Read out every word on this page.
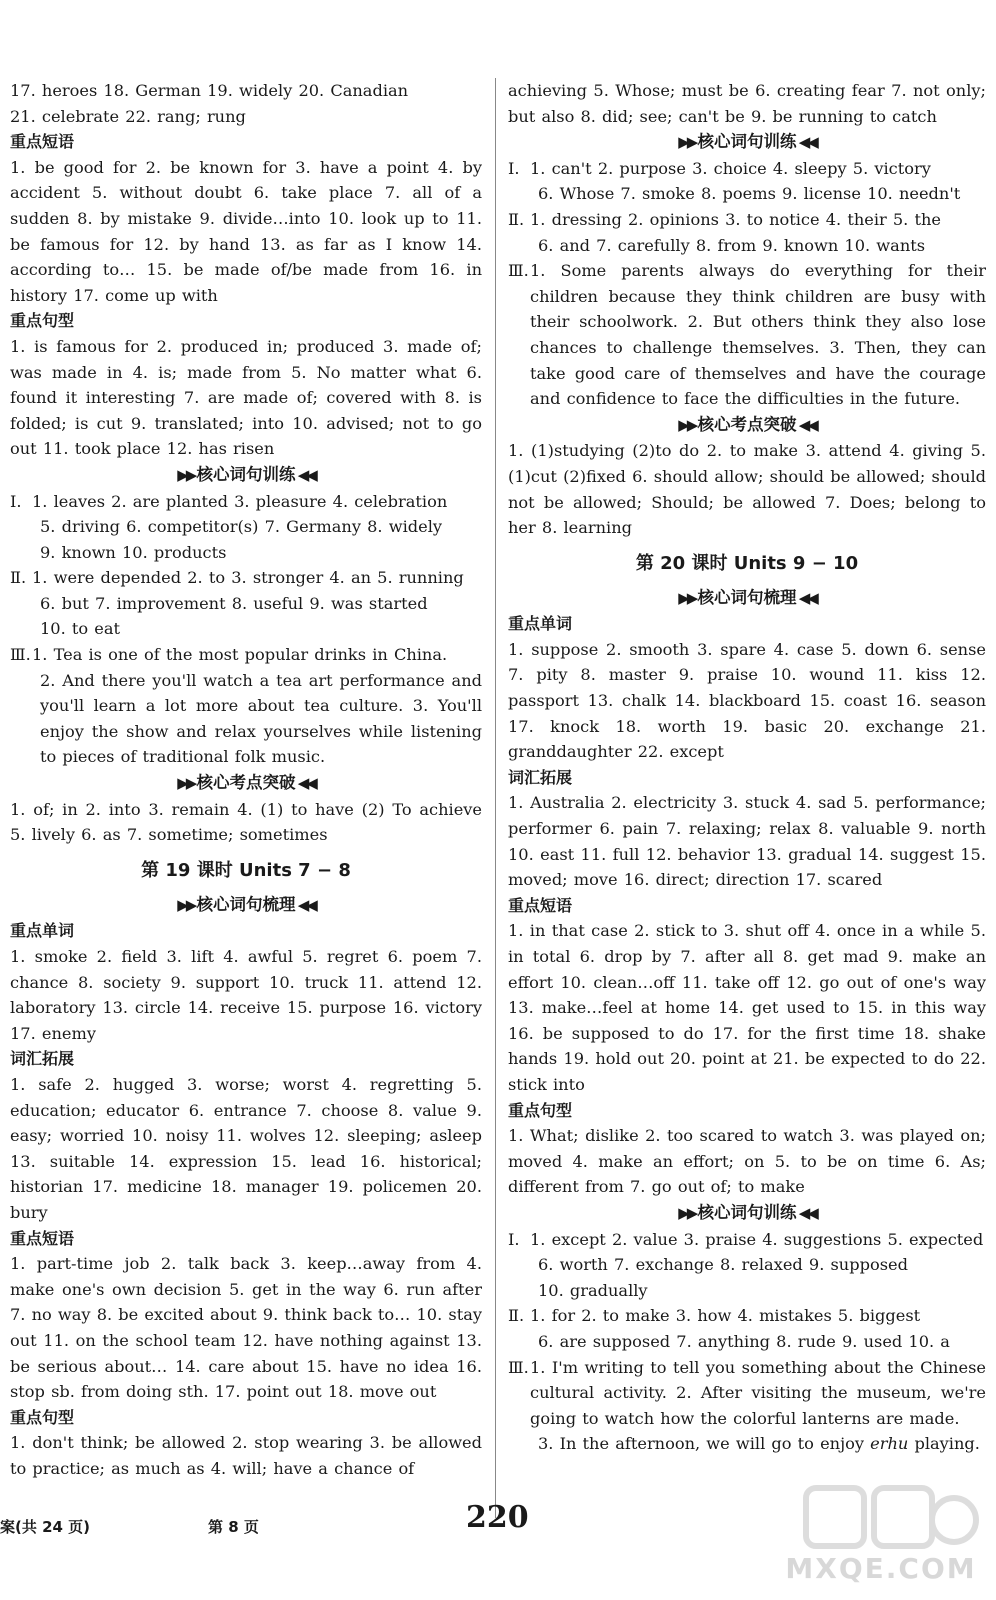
17. heroes 18. German 19. widely 20. Canadian
21. celebrate 22. rang; rung
重点短语
1. be good for 2. be known for 3. have a point 4. by accident 5. without doubt 6. take place 7. all of a sudden 8. by mistake 9. divide…into 10. look up to 11. be famous for 12. by hand 13. as far as I know 14. according to… 15. be made of/be made from 16. in history 17. come up with
重点句型
1. is famous for 2. produced in; produced 3. made of; was made in 4. is; made from 5. No matter what 6. found it interesting 7. are made of; covered with 8. is folded; is cut 9. translated; into 10. advised; not to go out 11. took place 12. has risen
▶▶ 核心词句训练 ◀◀
Ⅰ. 1. leaves 2. are planted 3. pleasure 4. celebration
5. driving 6. competitor(s) 7. Germany 8. widely
9. known 10. products
Ⅱ. 1. were depended 2. to 3. stronger 4. an 5. running
6. but 7. improvement 8. useful 9. was started
10. to eat
Ⅲ. 1. Tea is one of the most popular drinks in China.
2. And there you'll watch a tea art performance and you'll learn a lot more about tea culture. 3. You'll enjoy the show and relax yourselves while listening to pieces of traditional folk music.
▶▶ 核心考点突破 ◀◀
1. of; in 2. into 3. remain 4. (1) to have (2) To achieve 5. lively 6. as 7. sometime; sometimes
第 19 课时 Units 7 − 8
▶▶ 核心词句梳理 ◀◀
重点单词
1. smoke 2. field 3. lift 4. awful 5. regret 6. poem 7. chance 8. society 9. support 10. truck 11. attend 12. laboratory 13. circle 14. receive 15. purpose 16. victory 17. enemy
词汇拓展
1. safe 2. hugged 3. worse; worst 4. regretting 5. education; educator 6. entrance 7. choose 8. value 9. easy; worried 10. noisy 11. wolves 12. sleeping; asleep 13. suitable 14. expression 15. lead 16. historical; historian 17. medicine 18. manager 19. policemen 20. bury
重点短语
1. part-time job 2. talk back 3. keep…away from 4. make one's own decision 5. get in the way 6. run after 7. no way 8. be excited about 9. think back to… 10. stay out 11. on the school team 12. have nothing against 13. be serious about… 14. care about 15. have no idea 16. stop sb. from doing sth. 17. point out 18. move out
重点句型
1. don't think; be allowed 2. stop wearing 3. be allowed to practice; as much as 4. will; have a chance of
achieving 5. Whose; must be 6. creating fear 7. not only; but also 8. did; see; can't be 9. be running to catch
▶▶ 核心词句训练 ◀◀
Ⅰ. 1. can't 2. purpose 3. choice 4. sleepy 5. victory
6. Whose 7. smoke 8. poems 9. license 10. needn't
Ⅱ. 1. dressing 2. opinions 3. to notice 4. their 5. the
6. and 7. carefully 8. from 9. known 10. wants
Ⅲ. 1. Some parents always do everything for their children because they think children are busy with their schoolwork. 2. But others think they also lose chances to challenge themselves. 3. Then, they can take good care of themselves and have the courage and confidence to face the difficulties in the future.
▶▶ 核心考点突破 ◀◀
1. (1)studying (2)to do 2. to make 3. attend 4. giving 5. (1)cut (2)fixed 6. should allow; should be allowed; should not be allowed; Should; be allowed 7. Does; belong to her 8. learning
第 20 课时 Units 9 − 10
▶▶ 核心词句梳理 ◀◀
重点单词
1. suppose 2. smooth 3. spare 4. case 5. down 6. sense 7. pity 8. master 9. praise 10. wound 11. kiss 12. passport 13. chalk 14. blackboard 15. coast 16. season 17. knock 18. worth 19. basic 20. exchange 21. granddaughter 22. except
词汇拓展
1. Australia 2. electricity 3. stuck 4. sad 5. performance; performer 6. pain 7. relaxing; relax 8. valuable 9. north 10. east 11. full 12. behavior 13. gradual 14. suggest 15. moved; move 16. direct; direction 17. scared
重点短语
1. in that case 2. stick to 3. shut off 4. once in a while 5. in total 6. drop by 7. after all 8. get mad 9. make an effort 10. clean…off 11. take off 12. go out of one's way 13. make…feel at home 14. get used to 15. in this way 16. be supposed to do 17. for the first time 18. shake hands 19. hold out 20. point at 21. be expected to do 22. stick into
重点句型
1. What; dislike 2. too scared to watch 3. was played on; moved 4. make an effort; on 5. to be on time 6. As; different from 7. go out of; to make
▶▶ 核心词句训练 ◀◀
Ⅰ. 1. except 2. value 3. praise 4. suggestions 5. expected
6. worth 7. exchange 8. relaxed 9. supposed
10. gradually
Ⅱ. 1. for 2. to make 3. how 4. mistakes 5. biggest
6. are supposed 7. anything 8. rude 9. used 10. a
Ⅲ. 1. I'm writing to tell you something about the Chinese cultural activity. 2. After visiting the museum, we're going to watch how the colorful lanterns are made.
3. In the afternoon, we will go to enjoy erhu playing.
案(共 24 页)	第 8 页	220
MXQE.COM
